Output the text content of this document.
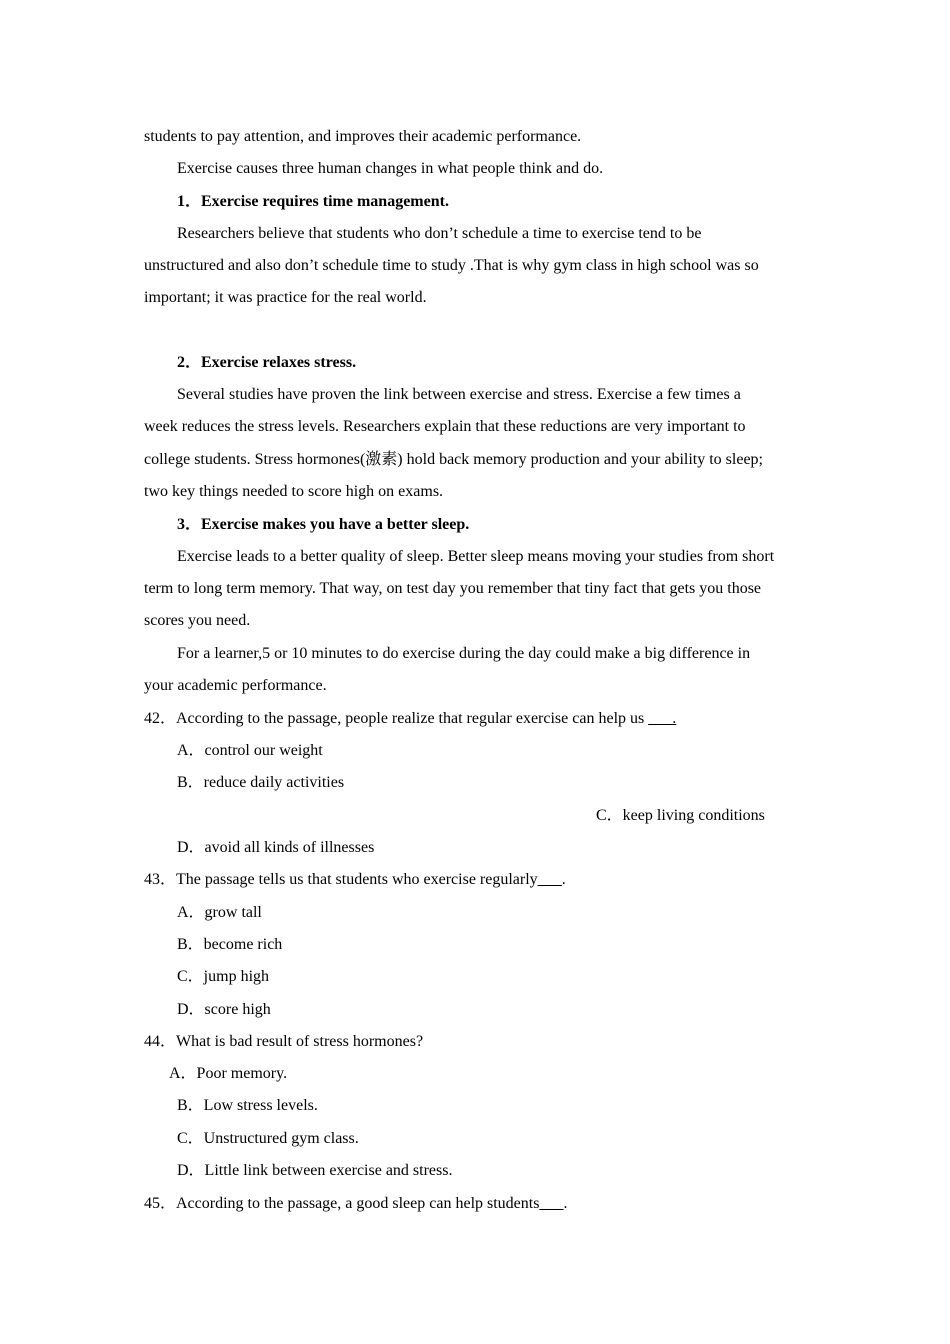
students to pay attention, and improves their academic performance.
Exercise causes three human changes in what people think and do.
1．Exercise requires time management.
Researchers believe that students who don’t schedule a time to exercise tend to be
unstructured and also don’t schedule time to study .That is why gym class in high school was so
important; it was practice for the real world.
2．Exercise relaxes stress.
Several studies have proven the link between exercise and stress. Exercise a few times a
week reduces the stress levels. Researchers explain that these reductions are very important to
college students. Stress hormones(激素) hold back memory production and your ability to sleep;
two key things needed to score high on exams.
3．Exercise makes you have a better sleep.
Exercise leads to a better quality of sleep. Better sleep means moving your studies from short
term to long term memory. That way, on test day you remember that tiny fact that gets you those
scores you need.
For a learner,5 or 10 minutes to do exercise during the day could make a big difference in
your academic performance.
42．According to the passage, people realize that regular exercise can help us ___.
A．control our weight
B．reduce daily activities
C．keep living conditions
D．avoid all kinds of illnesses
43．The passage tells us that students who exercise regularly___.
A．grow tall
B．become rich
C．jump high
D．score high
44．What is bad result of stress hormones?
A．Poor memory.
B．Low stress levels.
C．Unstructured gym class.
D．Little link between exercise and stress.
45．According to the passage, a good sleep can help students___.
